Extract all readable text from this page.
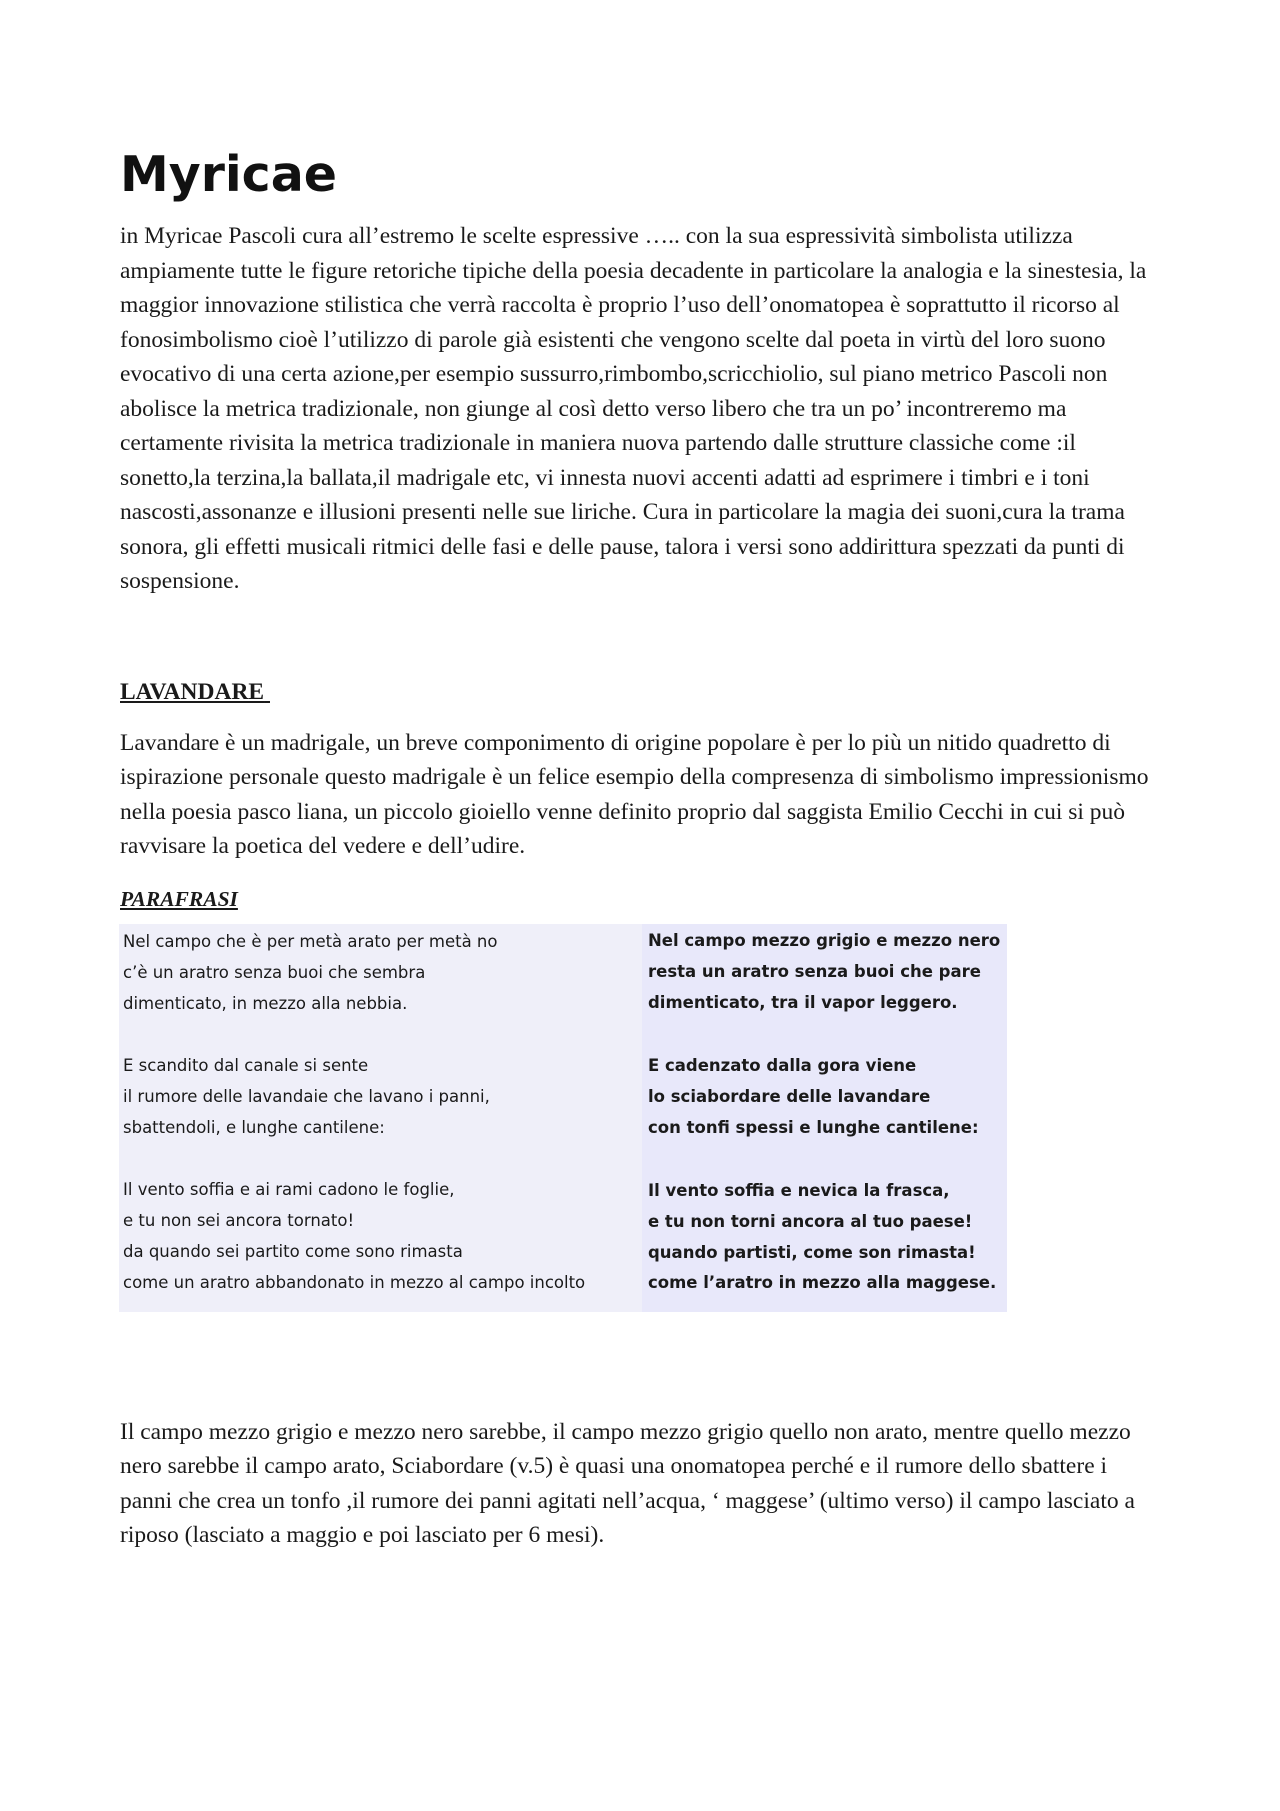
Myricae

in Myricae Pascoli cura all’estremo le scelte espressive ….. con la sua espressività simbolista utilizza ampiamente tutte le figure retoriche tipiche della poesia decadente in particolare la analogia e la sinestesia, la maggior innovazione stilistica che verrà raccolta è proprio l’uso dell’onomatopea è soprattutto il ricorso al fonosimbolismo cioè l’utilizzo di parole già esistenti che vengono scelte dal poeta in virtù del loro suono evocativo di una certa azione,per esempio sussurro,rimbombo,scricchiolio, sul piano metrico Pascoli non abolisce la metrica tradizionale, non giunge al così detto verso libero che tra un po’ incontreremo ma certamente rivisita la metrica tradizionale in maniera nuova partendo dalle strutture classiche come :il sonetto,la terzina,la ballata,il madrigale etc, vi innesta nuovi accenti adatti ad esprimere i timbri e i toni nascosti,assonanze e illusioni presenti nelle sue liriche. Cura in particolare la magia dei suoni,cura la trama sonora, gli effetti musicali ritmici delle fasi e delle pause, talora i versi sono addirittura spezzati da punti di sospensione.

LAVANDARE

Lavandare è un madrigale, un breve componimento di origine popolare è per lo più un nitido quadretto di ispirazione personale questo madrigale è un felice esempio della compresenza di simbolismo impressionismo nella poesia pasco liana, un piccolo gioiello venne definito proprio dal saggista Emilio Cecchi in cui si può ravvisare la poetica del vedere e dell’udire.

PARAFRASI
Nel campo che è per metà arato per metà no
c’è un aratro senza buoi che sembra
dimenticato, in mezzo alla nebbia.
E scandito dal canale si sente
il rumore delle lavandaie che lavano i panni,
sbattendoli, e lunghe cantilene:
Il vento soffia e ai rami cadono le foglie,
e tu non sei ancora tornato!
da quando sei partito come sono rimasta
come un aratro abbandonato in mezzo al campo incolto
Nel campo mezzo grigio e mezzo nero
resta un aratro senza buoi che pare
dimenticato, tra il vapor leggero.
E cadenzato dalla gora viene
lo sciabordare delle lavandare
con tonfi spessi e lunghe cantilene:
Il vento soffia e nevica la frasca,
e tu non torni ancora al tuo paese!
quando partisti, come son rimasta!
come l’aratro in mezzo alla maggese.

Il campo mezzo grigio e mezzo nero sarebbe, il campo mezzo grigio quello non arato, mentre quello mezzo nero sarebbe il campo arato, Sciabordare (v.5) è quasi una onomatopea perché e il rumore dello sbattere i panni che crea un tonfo ,il rumore dei panni agitati nell’acqua, ‘ maggese’ (ultimo verso) il campo lasciato a riposo (lasciato a maggio e poi lasciato per 6 mesi).
